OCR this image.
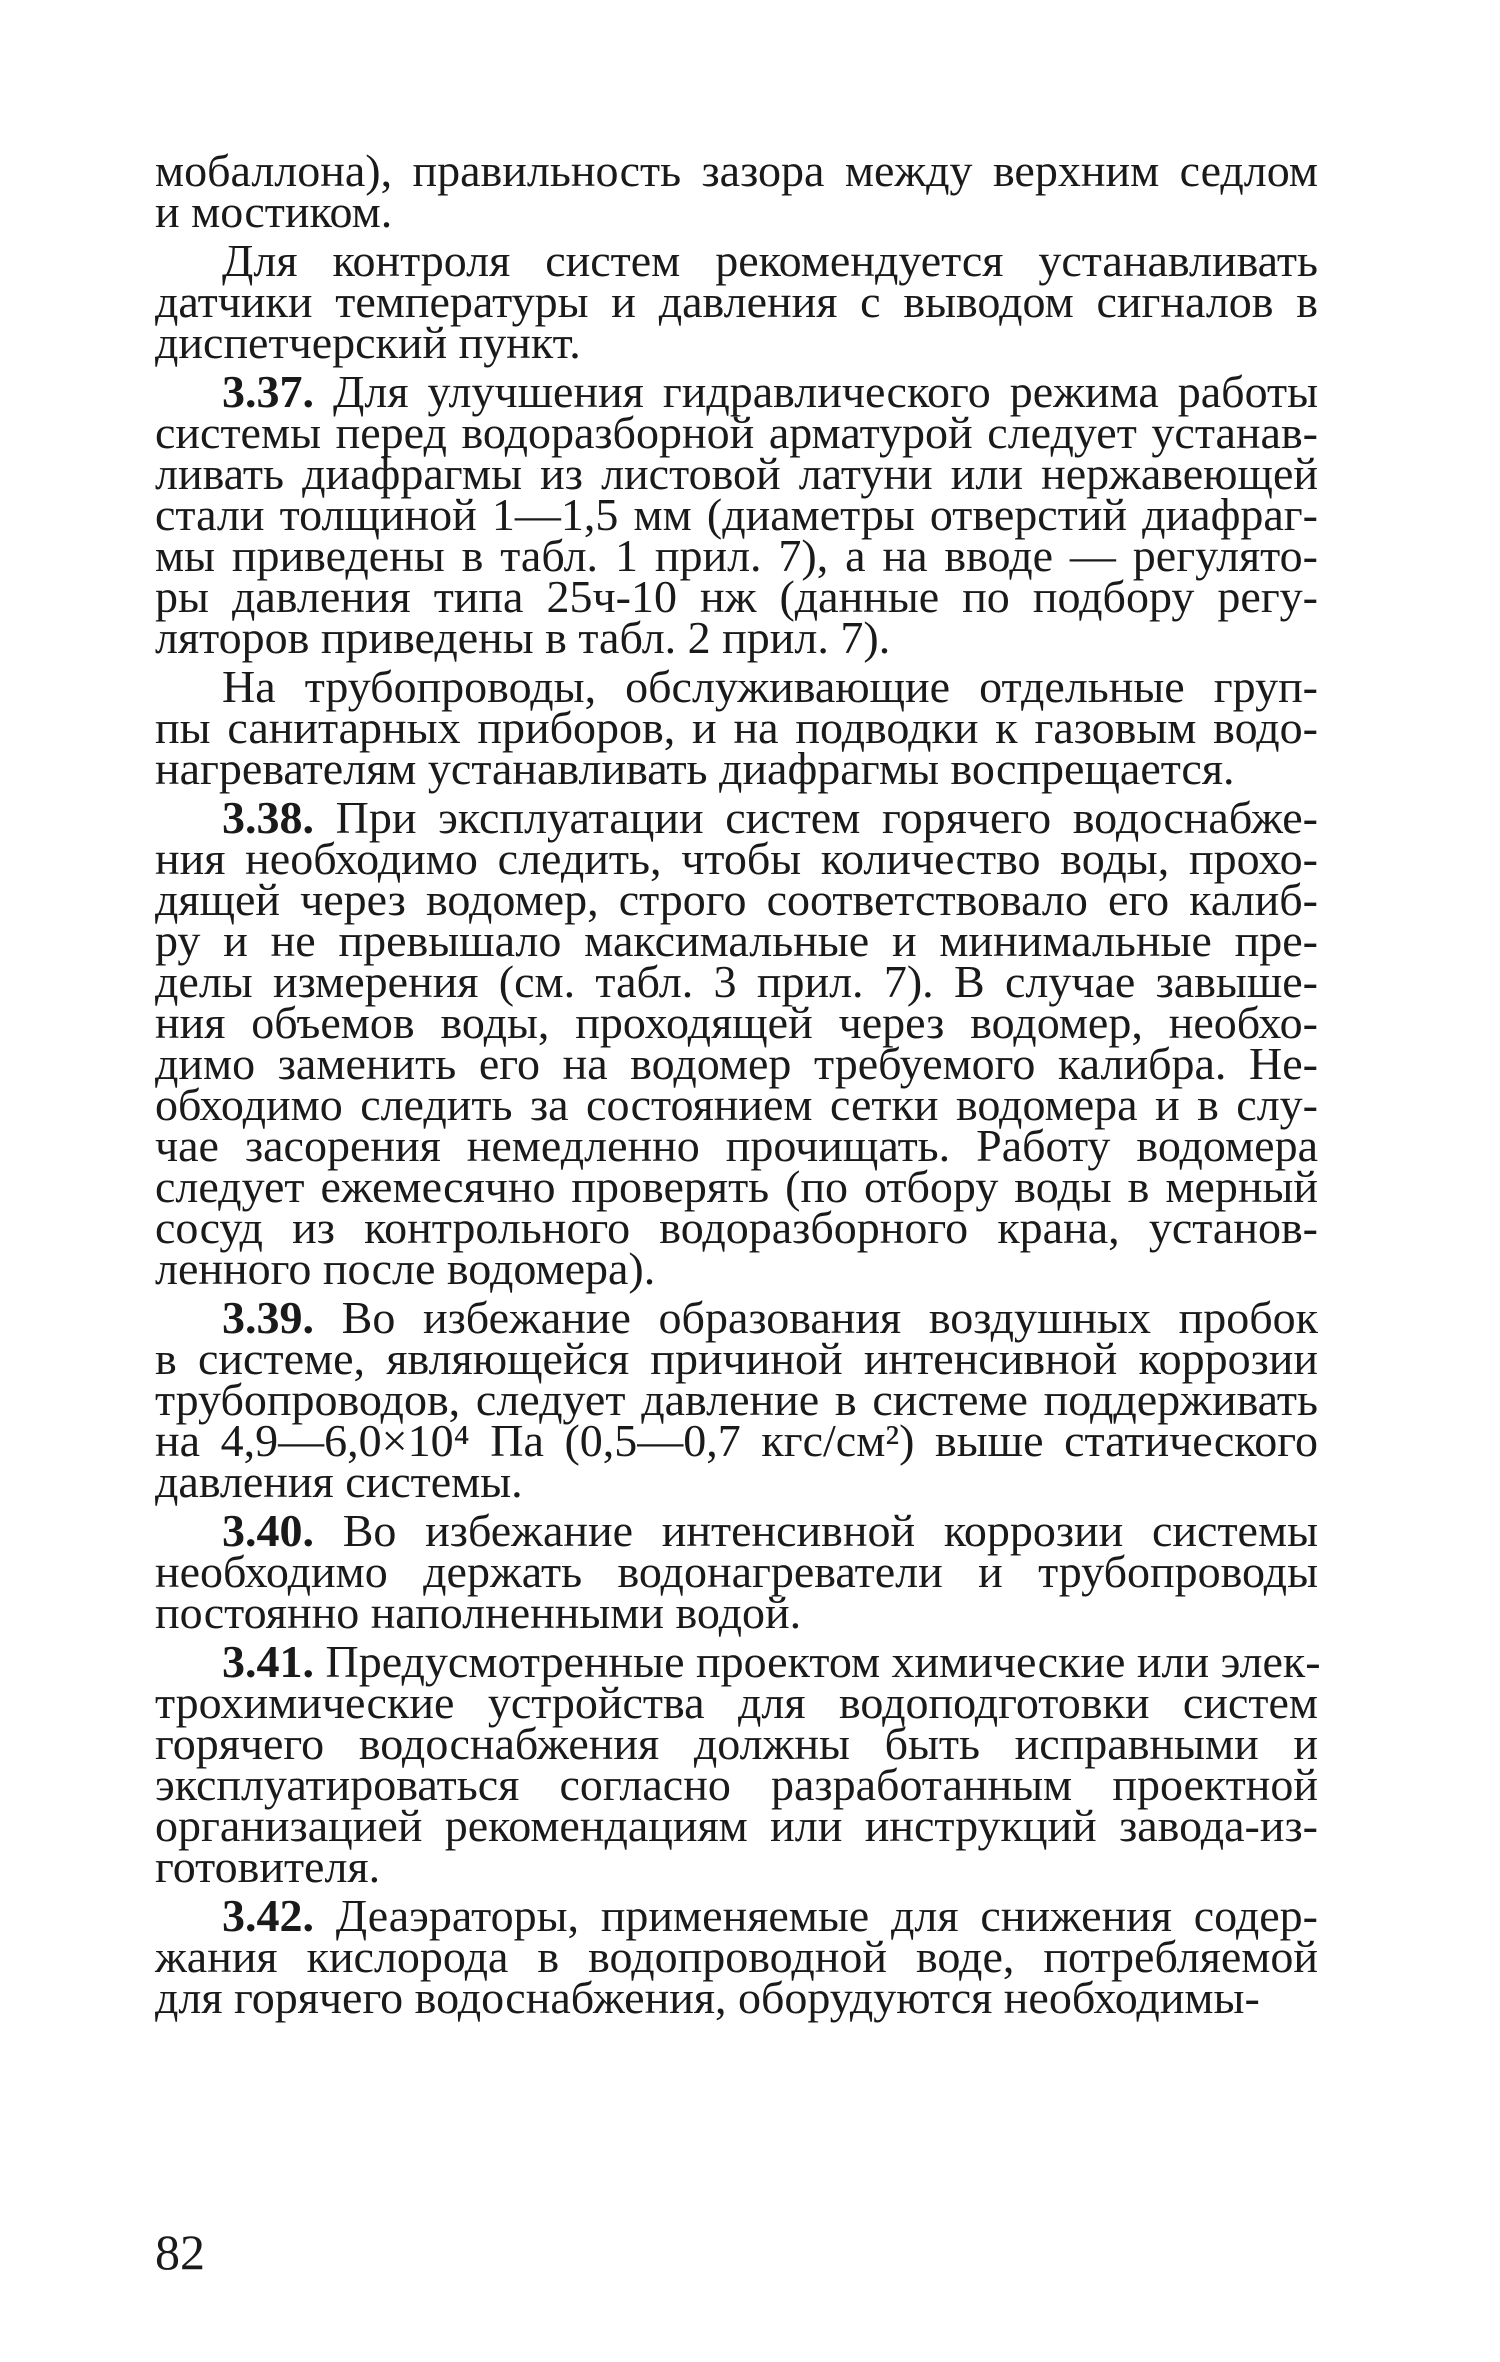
мобаллона), правильность зазора между верхним седлом
и мостиком.
Для контроля систем рекомендуется устанавливать
датчики температуры и давления с выводом сигналов в
диспетчерский пункт.
3.37. Для улучшения гидравлического режима работы
системы перед водоразборной арматурой следует устанав-
ливать диафрагмы из листовой латуни или нержавеющей
стали толщиной 1—1,5 мм (диаметры отверстий диафраг-
мы приведены в табл. 1 прил. 7), а на вводе — регулято-
ры давления типа 25ч-10 нж (данные по подбору регу-
ляторов приведены в табл. 2 прил. 7).
На трубопроводы, обслуживающие отдельные груп-
пы санитарных приборов, и на подводки к газовым водо-
нагревателям устанавливать диафрагмы воспрещается.
3.38. При эксплуатации систем горячего водоснабже-
ния необходимо следить, чтобы количество воды, прохо-
дящей через водомер, строго соответствовало его калиб-
ру и не превышало максимальные и минимальные пре-
делы измерения (см. табл. 3 прил. 7). В случае завыше-
ния объемов воды, проходящей через водомер, необхо-
димо заменить его на водомер требуемого калибра. Не-
обходимо следить за состоянием сетки водомера и в слу-
чае засорения немедленно прочищать. Работу водомера
следует ежемесячно проверять (по отбору воды в мерный
сосуд из контрольного водоразборного крана, установ-
ленного после водомера).
3.39. Во избежание образования воздушных пробок
в системе, являющейся причиной интенсивной коррозии
трубопроводов, следует давление в системе поддерживать
на 4,9—6,0×10⁴ Па (0,5—0,7 кгс/см²) выше статического
давления системы.
3.40. Во избежание интенсивной коррозии системы
необходимо держать водонагреватели и трубопроводы
постоянно наполненными водой.
3.41. Предусмотренные проектом химические или элек-
трохимические устройства для водоподготовки систем
горячего водоснабжения должны быть исправными и
эксплуатироваться согласно разработанным проектной
организацией рекомендациям или инструкций завода-из-
готовителя.
3.42. Деаэраторы, применяемые для снижения содер-
жания кислорода в водопроводной воде, потребляемой
для горячего водоснабжения, оборудуются необходимы-
82
